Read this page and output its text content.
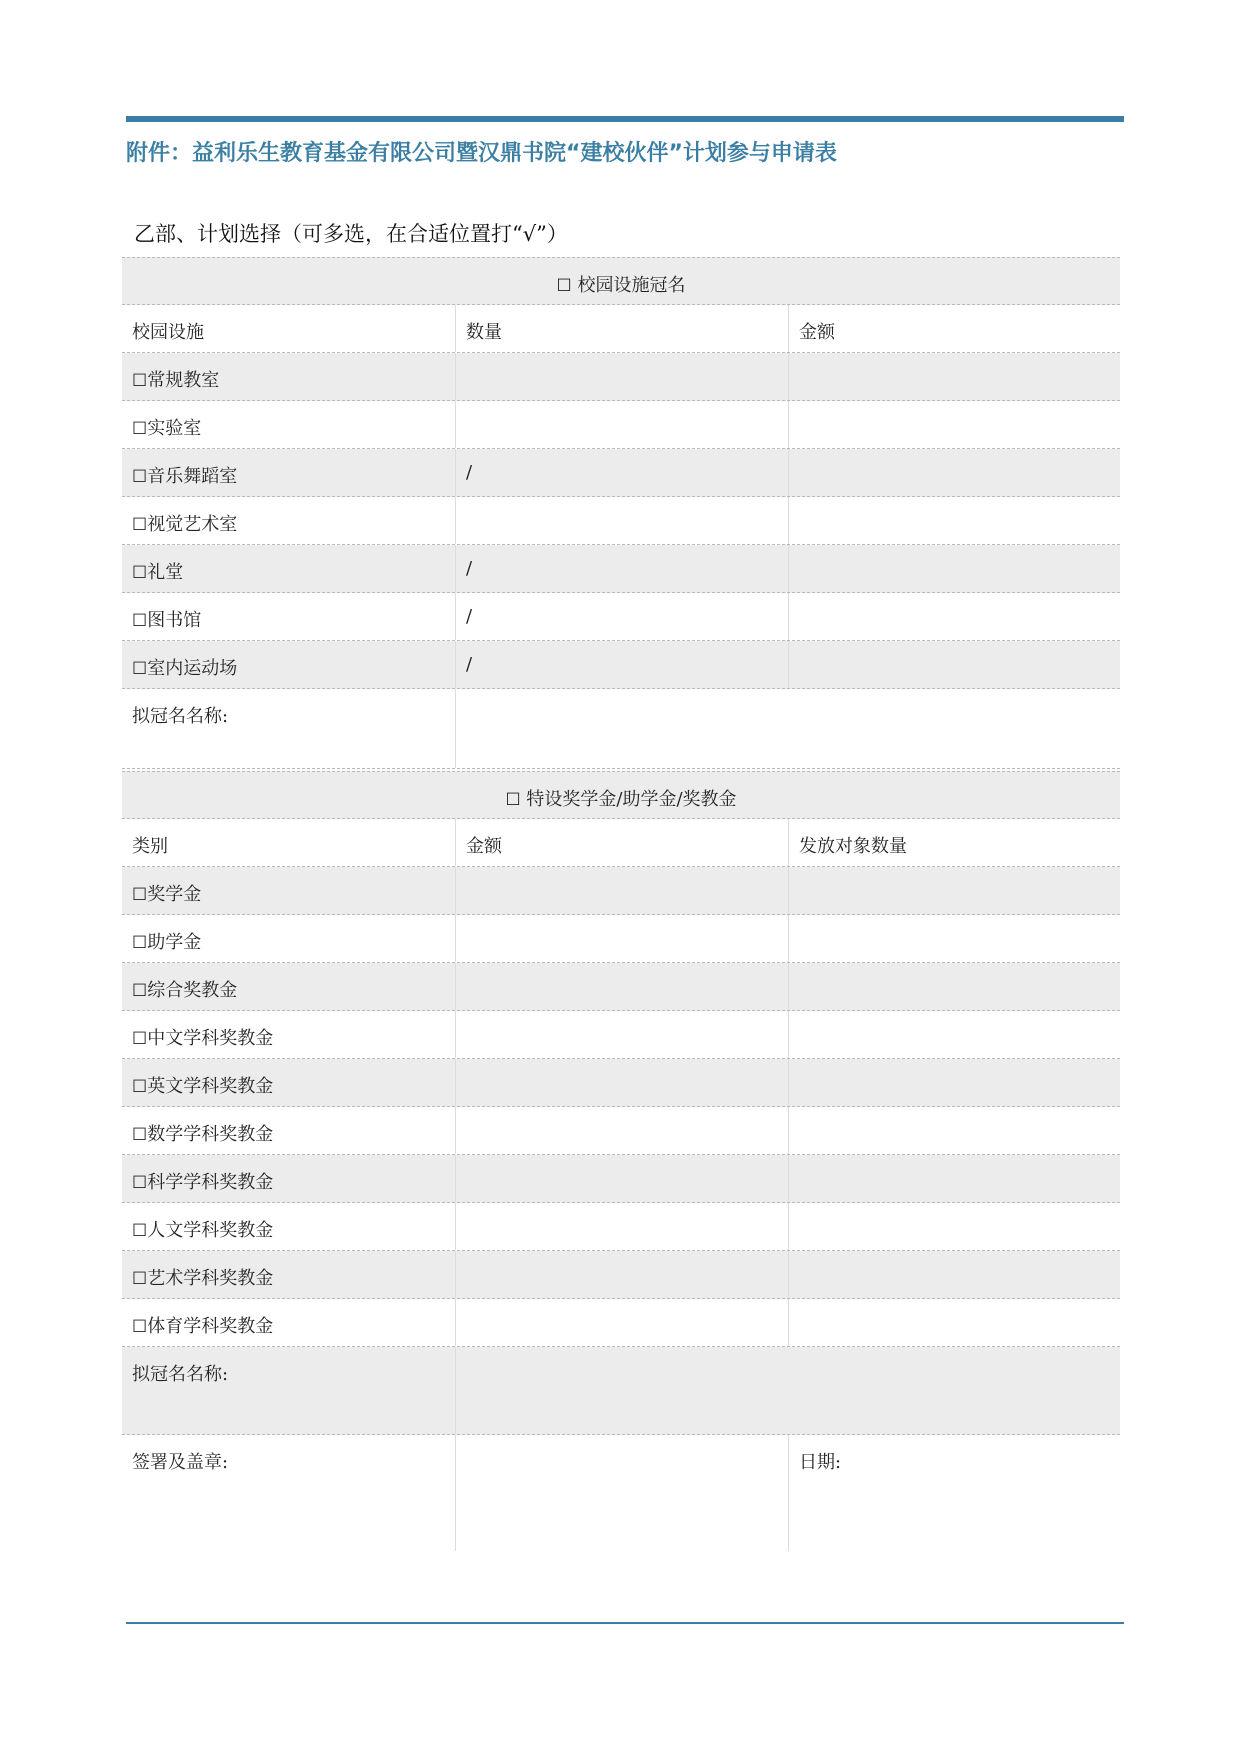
附件：益利乐生教育基金有限公司暨汉鼎书院“建校伙伴”计划参与申请表
乙部、计划选择（可多选，在合适位置打“√”）
☐ 校园设施冠名
校园设施	数量	金额
☐常规教室
☐实验室
☐音乐舞蹈室	/
☐视觉艺术室
☐礼堂	/
☐图书馆	/
☐室内运动场	/
拟冠名名称:
☐ 特设奖学金/助学金/奖教金
类别	金额	发放对象数量
☐奖学金
☐助学金
☐综合奖教金
☐中文学科奖教金
☐英文学科奖教金
☐数学学科奖教金
☐科学学科奖教金
☐人文学科奖教金
☐艺术学科奖教金
☐体育学科奖教金
拟冠名名称:
签署及盖章:	日期:
